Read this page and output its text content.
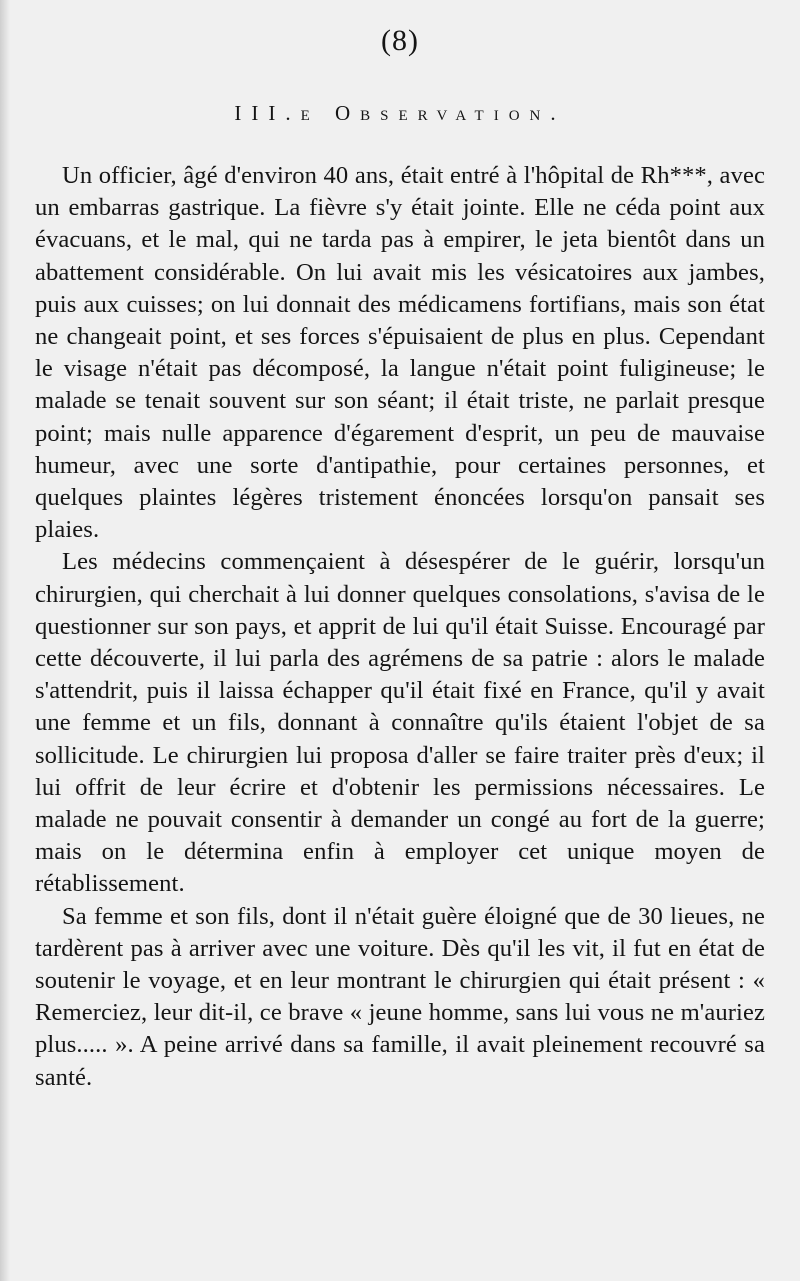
(8)
III.e Observation.

Un officier, âgé d'environ 40 ans, était entré à l'hôpital de Rh***, avec un embarras gastrique. La fièvre s'y était jointe. Elle ne céda point aux évacuans, et le mal, qui ne tarda pas à empirer, le jeta bientôt dans un abattement considérable. On lui avait mis les vésicatoires aux jambes, puis aux cuisses; on lui donnait des médicamens fortifians, mais son état ne changeait point, et ses forces s'épuisaient de plus en plus. Cependant le visage n'était pas décomposé, la langue n'était point fuligineuse; le malade se tenait souvent sur son séant; il était triste, ne parlait presque point; mais nulle apparence d'égarement d'esprit, un peu de mauvaise humeur, avec une sorte d'antipathie, pour certaines personnes, et quelques plaintes légères tristement énoncées lorsqu'on pansait ses plaies.

Les médecins commençaient à désespérer de le guérir, lorsqu'un chirurgien, qui cherchait à lui donner quelques consolations, s'avisa de le questionner sur son pays, et apprit de lui qu'il était Suisse. Encouragé par cette découverte, il lui parla des agrémens de sa patrie : alors le malade s'attendrit, puis il laissa échapper qu'il était fixé en France, qu'il y avait une femme et un fils, donnant à connaître qu'ils étaient l'objet de sa sollicitude. Le chirurgien lui proposa d'aller se faire traiter près d'eux; il lui offrit de leur écrire et d'obtenir les permissions nécessaires. Le malade ne pouvait consentir à demander un congé au fort de la guerre; mais on le détermina enfin à employer cet unique moyen de rétablissement.

Sa femme et son fils, dont il n'était guère éloigné que de 30 lieues, ne tardèrent pas à arriver avec une voiture. Dès qu'il les vit, il fut en état de soutenir le voyage, et en leur montrant le chirurgien qui était présent : « Remerciez, leur dit-il, ce brave « jeune homme, sans lui vous ne m'auriez plus..... ». A peine arrivé dans sa famille, il avait pleinement recouvré sa santé.
